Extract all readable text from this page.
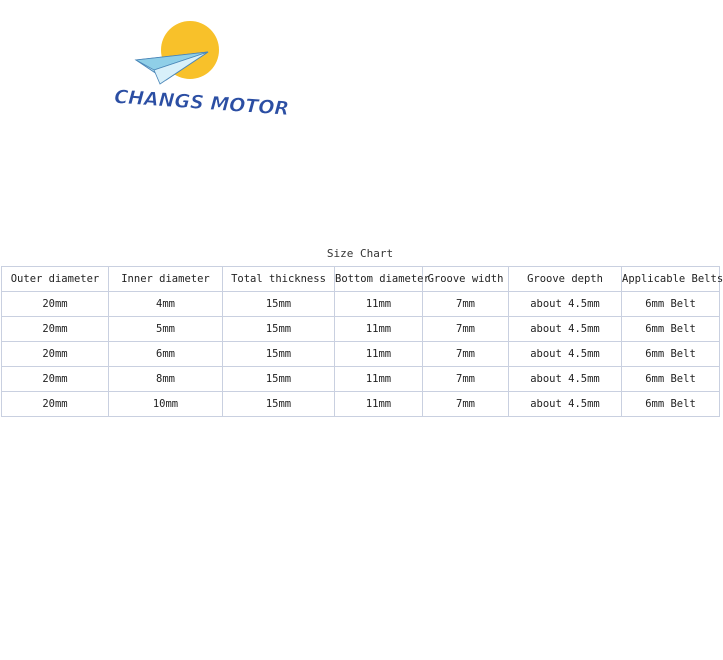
CHANGS MOTOR
Size Chart
Outer diameter	Inner diameter	Total thickness	Bottom diameter	Groove width	Groove depth	Applicable Belts
20mm	4mm	15mm	11mm	7mm	about 4.5mm	6mm Belt
20mm	5mm	15mm	11mm	7mm	about 4.5mm	6mm Belt
20mm	6mm	15mm	11mm	7mm	about 4.5mm	6mm Belt
20mm	8mm	15mm	11mm	7mm	about 4.5mm	6mm Belt
20mm	10mm	15mm	11mm	7mm	about 4.5mm	6mm Belt
